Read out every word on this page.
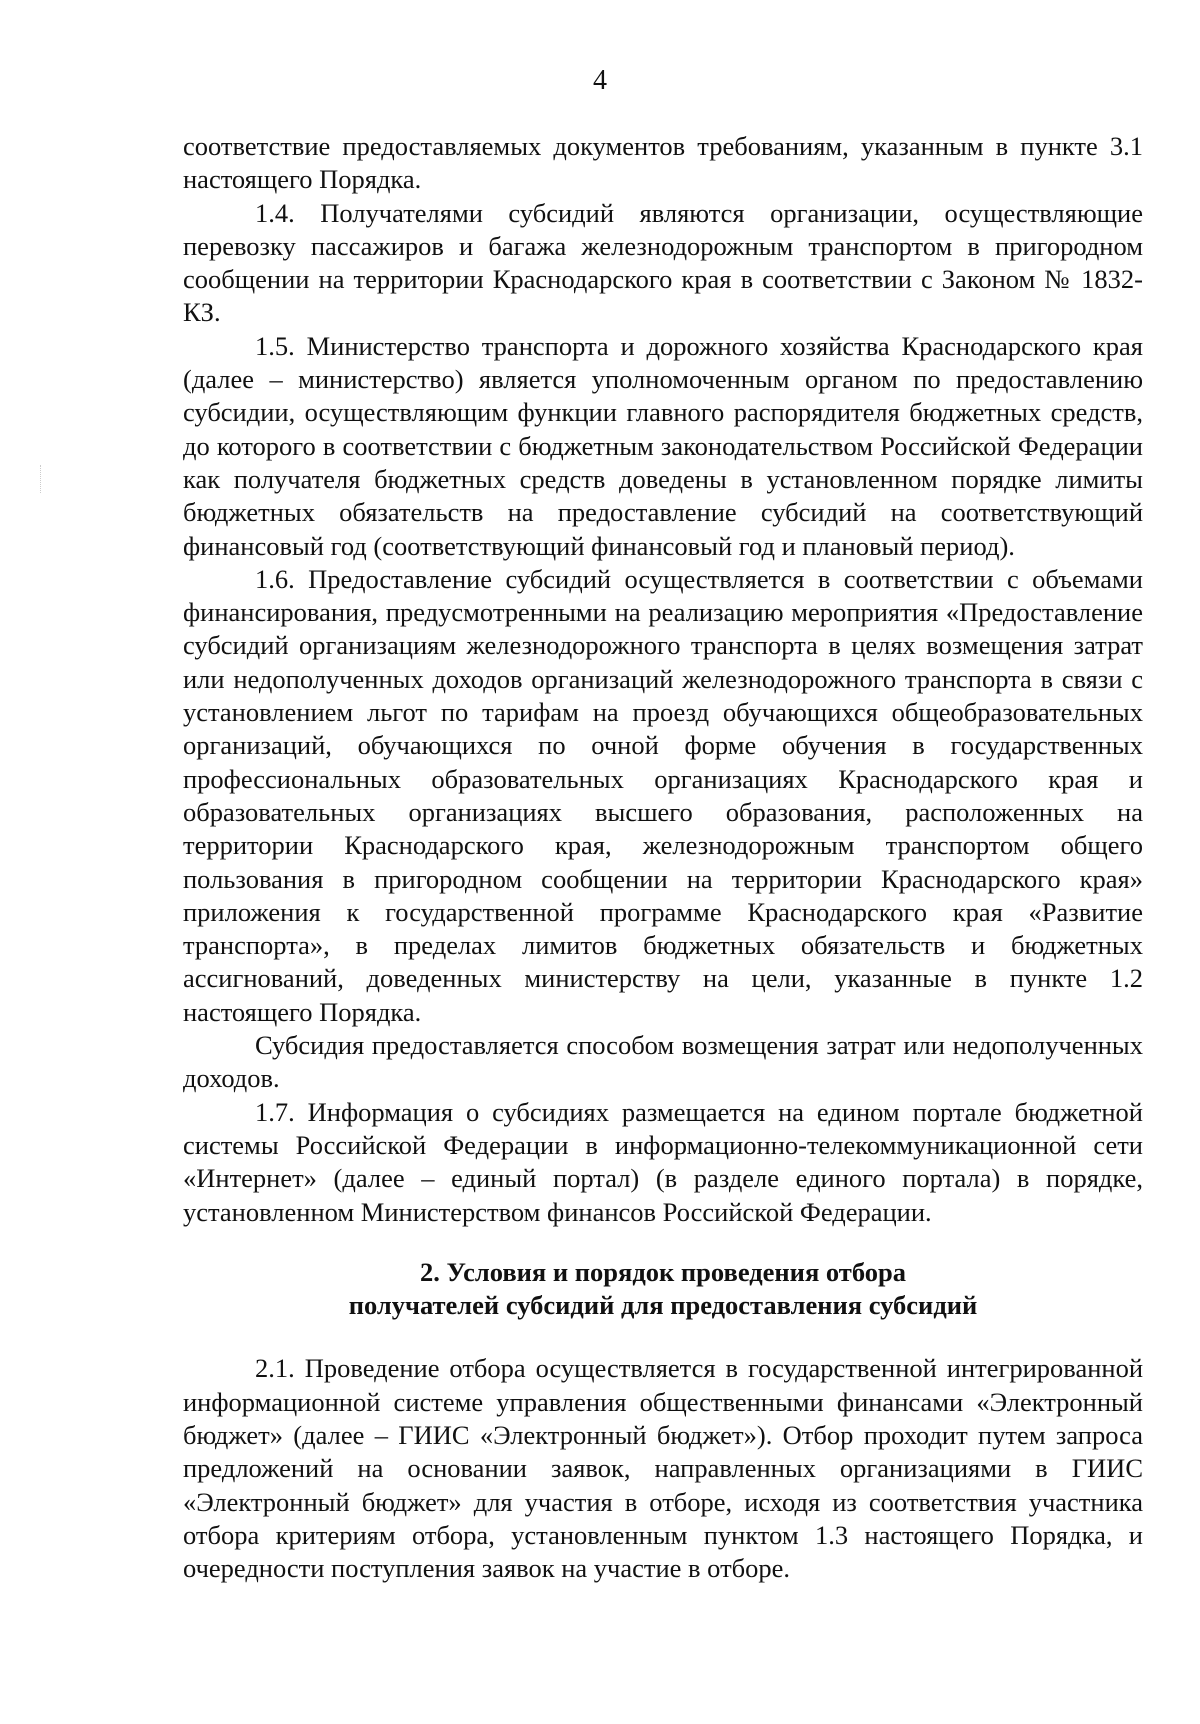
4

соответствие предоставляемых документов требованиям, указанным в пункте 3.1 настоящего Порядка.

1.4. Получателями субсидий являются организации, осуществляющие перевозку пассажиров и багажа железнодорожным транспортом в пригородном сообщении на территории Краснодарского края в соответствии с Законом № 1832-КЗ.

1.5. Министерство транспорта и дорожного хозяйства Краснодарского края (далее – министерство) является уполномоченным органом по предоставлению субсидии, осуществляющим функции главного распорядителя бюджетных средств, до которого в соответствии с бюджетным законодательством Российской Федерации как получателя бюджетных средств доведены в установленном порядке лимиты бюджетных обязательств на предоставление субсидий на соответствующий финансовый год (соответствующий финансовый год и плановый период).

1.6. Предоставление субсидий осуществляется в соответствии с объемами финансирования, предусмотренными на реализацию мероприятия «Предоставление субсидий организациям железнодорожного транспорта в целях возмещения затрат или недополученных доходов организаций железнодорожного транспорта в связи с установлением льгот по тарифам на проезд обучающихся общеобразовательных организаций, обучающихся по очной форме обучения в государственных профессиональных образовательных организациях Краснодарского края и образовательных организациях высшего образования, расположенных на территории Краснодарского края, железнодорожным транспортом общего пользования в пригородном сообщении на территории Краснодарского края» приложения к государственной программе Краснодарского края «Развитие транспорта», в пределах лимитов бюджетных обязательств и бюджетных ассигнований, доведенных министерству на цели, указанные в пункте 1.2 настоящего Порядка.

Субсидия предоставляется способом возмещения затрат или недополученных доходов.

1.7. Информация о субсидиях размещается на едином портале бюджетной системы Российской Федерации в информационно-телекоммуникационной сети «Интернет» (далее – единый портал) (в разделе единого портала) в порядке, установленном Министерством финансов Российской Федерации.

2. Условия и порядок проведения отбора

получателей субсидий для предоставления субсидий

2.1. Проведение отбора осуществляется в государственной интегрированной информационной системе управления общественными финансами «Электронный бюджет» (далее – ГИИС «Электронный бюджет»). Отбор проходит путем запроса предложений на основании заявок, направленных организациями в ГИИС «Электронный бюджет» для участия в отборе, исходя из соответствия участника отбора критериям отбора, установленным пунктом 1.3 настоящего Порядка, и очередности поступления заявок на участие в отборе.
